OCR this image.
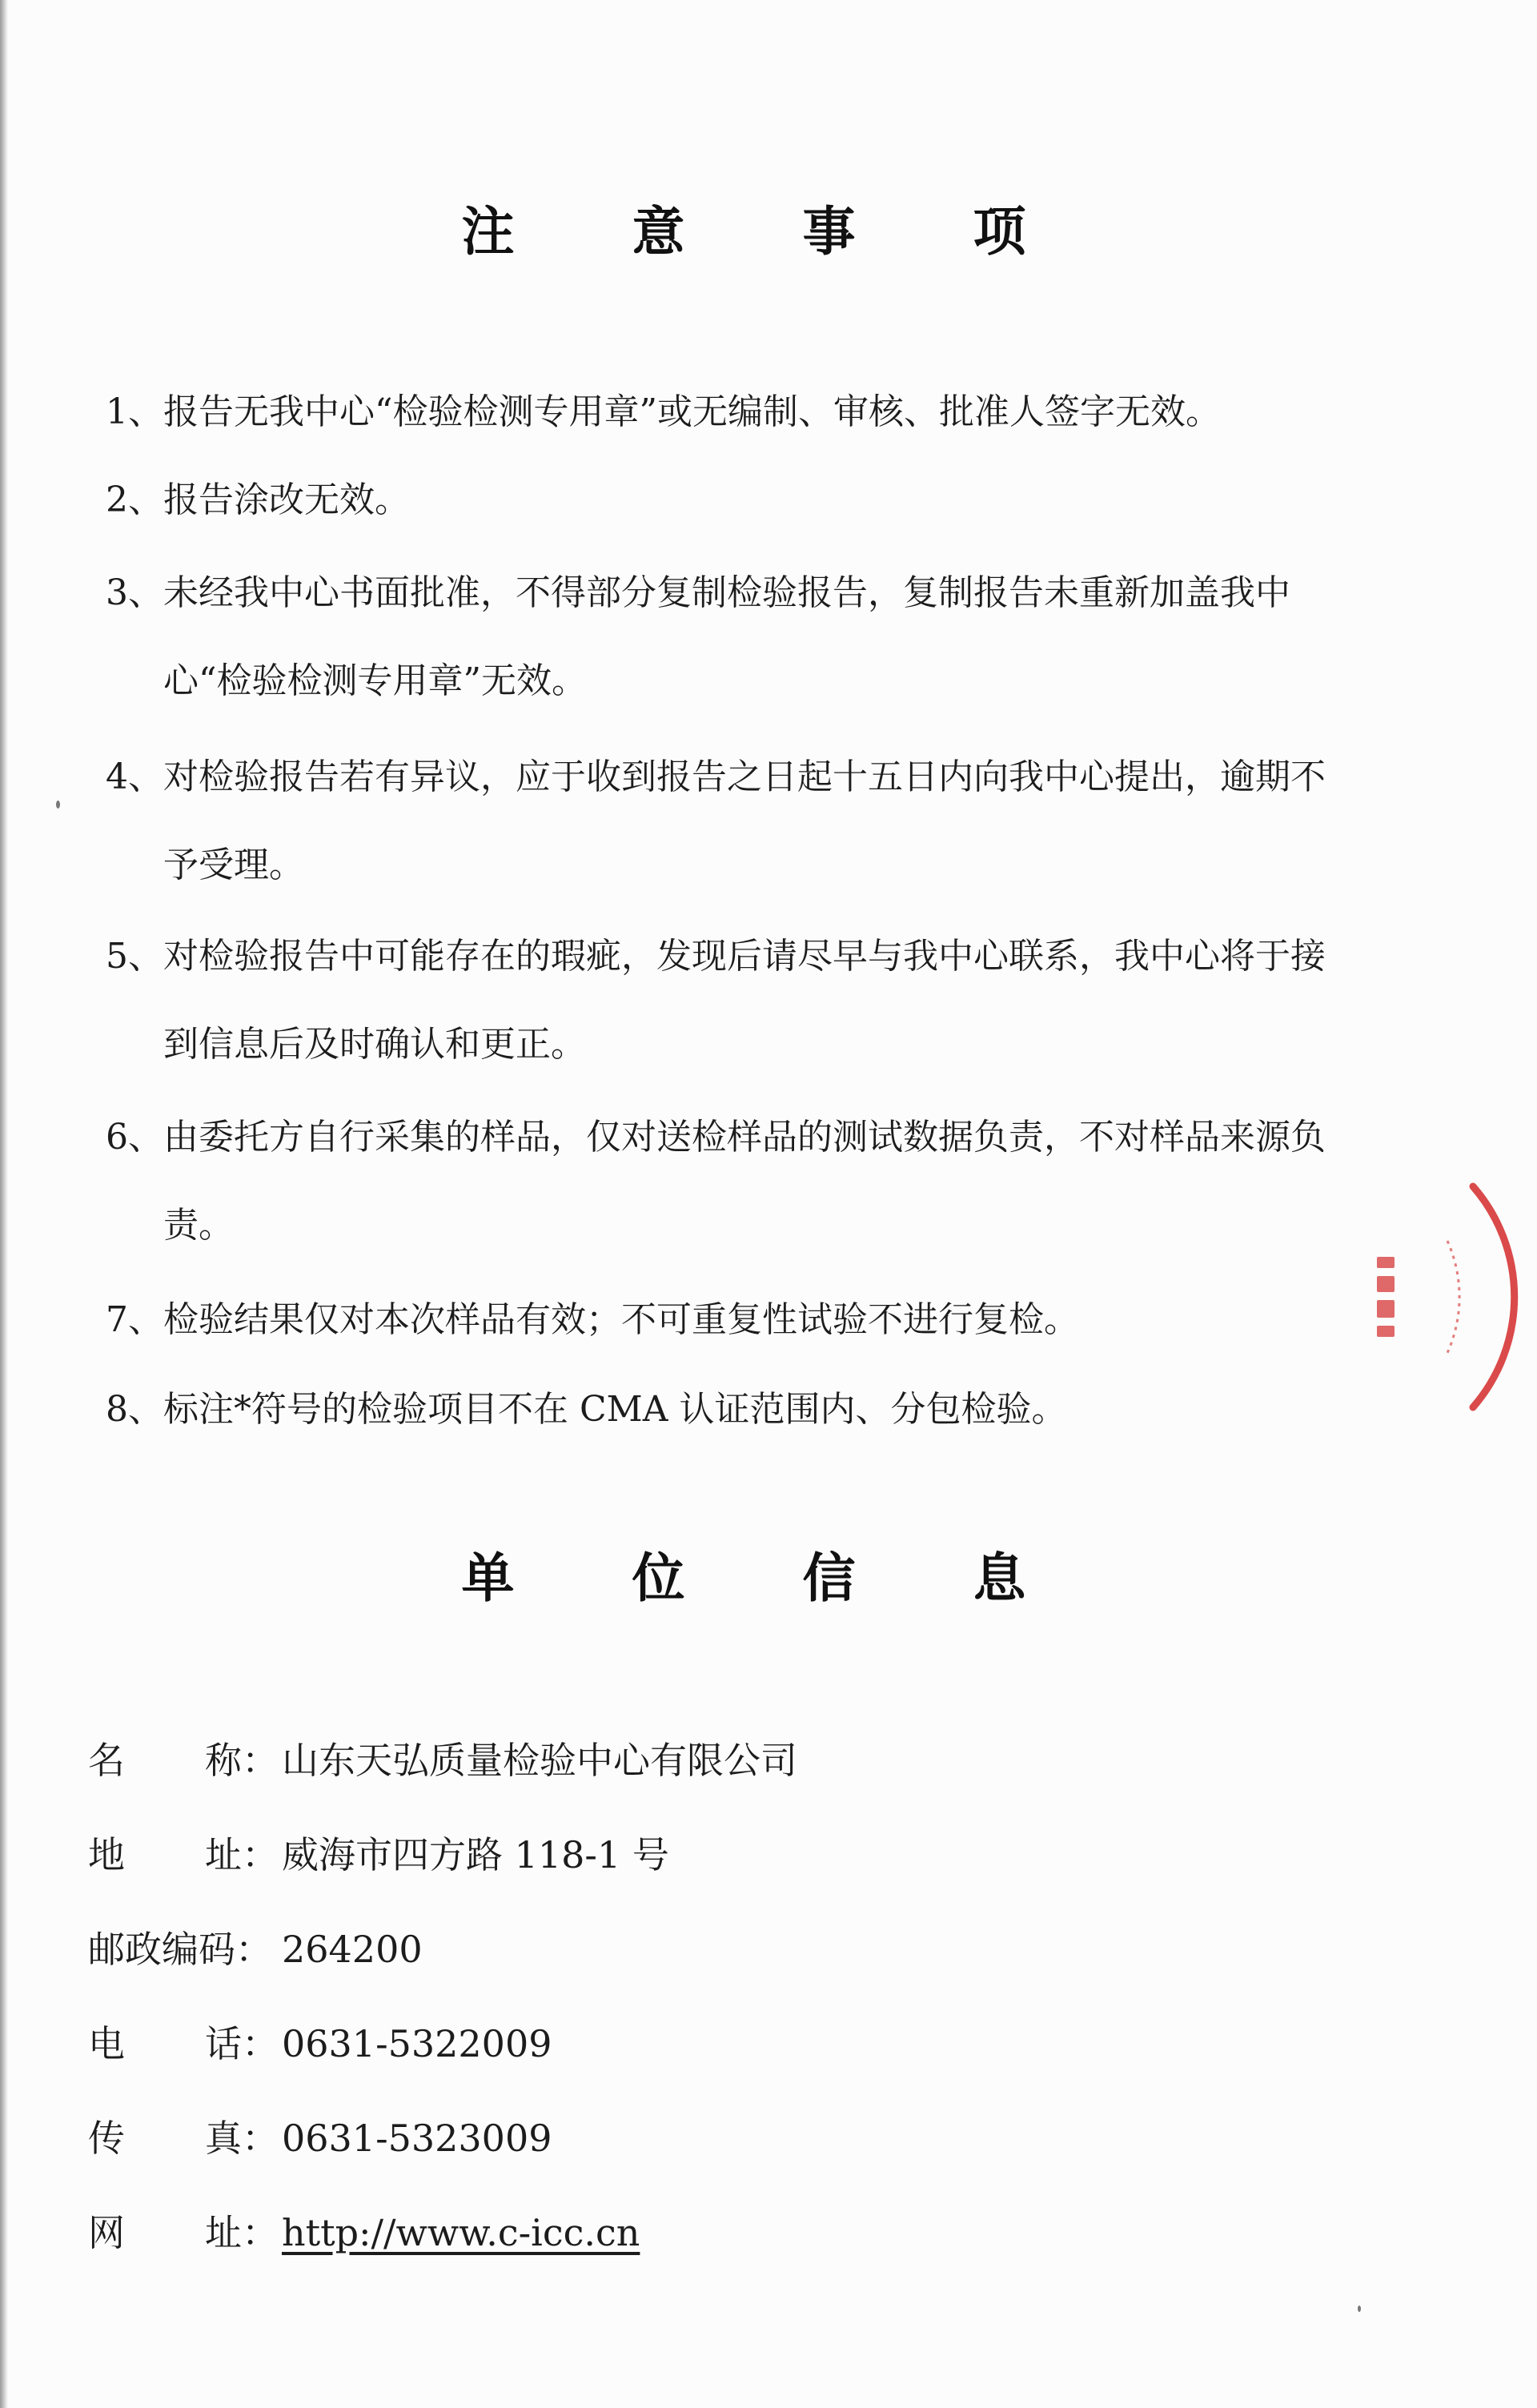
注 意 事 项
1、 报告无我中心“检验检测专用章”或无编制、审核、批准人签字无效。
2、 报告涂改无效。
3、 未经我中心书面批准，不得部分复制检验报告，复制报告未重新加盖我中心“检验检测专用章”无效。
4、 对检验报告若有异议，应于收到报告之日起十五日内向我中心提出，逾期不予受理。
5、 对检验报告中可能存在的瑕疵，发现后请尽早与我中心联系，我中心将于接到信息后及时确认和更正。
6、 由委托方自行采集的样品，仅对送检样品的测试数据负责，不对样品来源负责。
7、 检验结果仅对本次样品有效；不可重复性试验不进行复检。
8、 标注*符号的检验项目不在 CMA 认证范围内、分包检验。
单 位 信 息
名 称： 山东天弘质量检验中心有限公司
地 址： 威海市四方路 118-1 号
邮政编码： 264200
电 话： 0631-5322009
传 真： 0631-5323009
网 址： http://www.c-icc.cn
